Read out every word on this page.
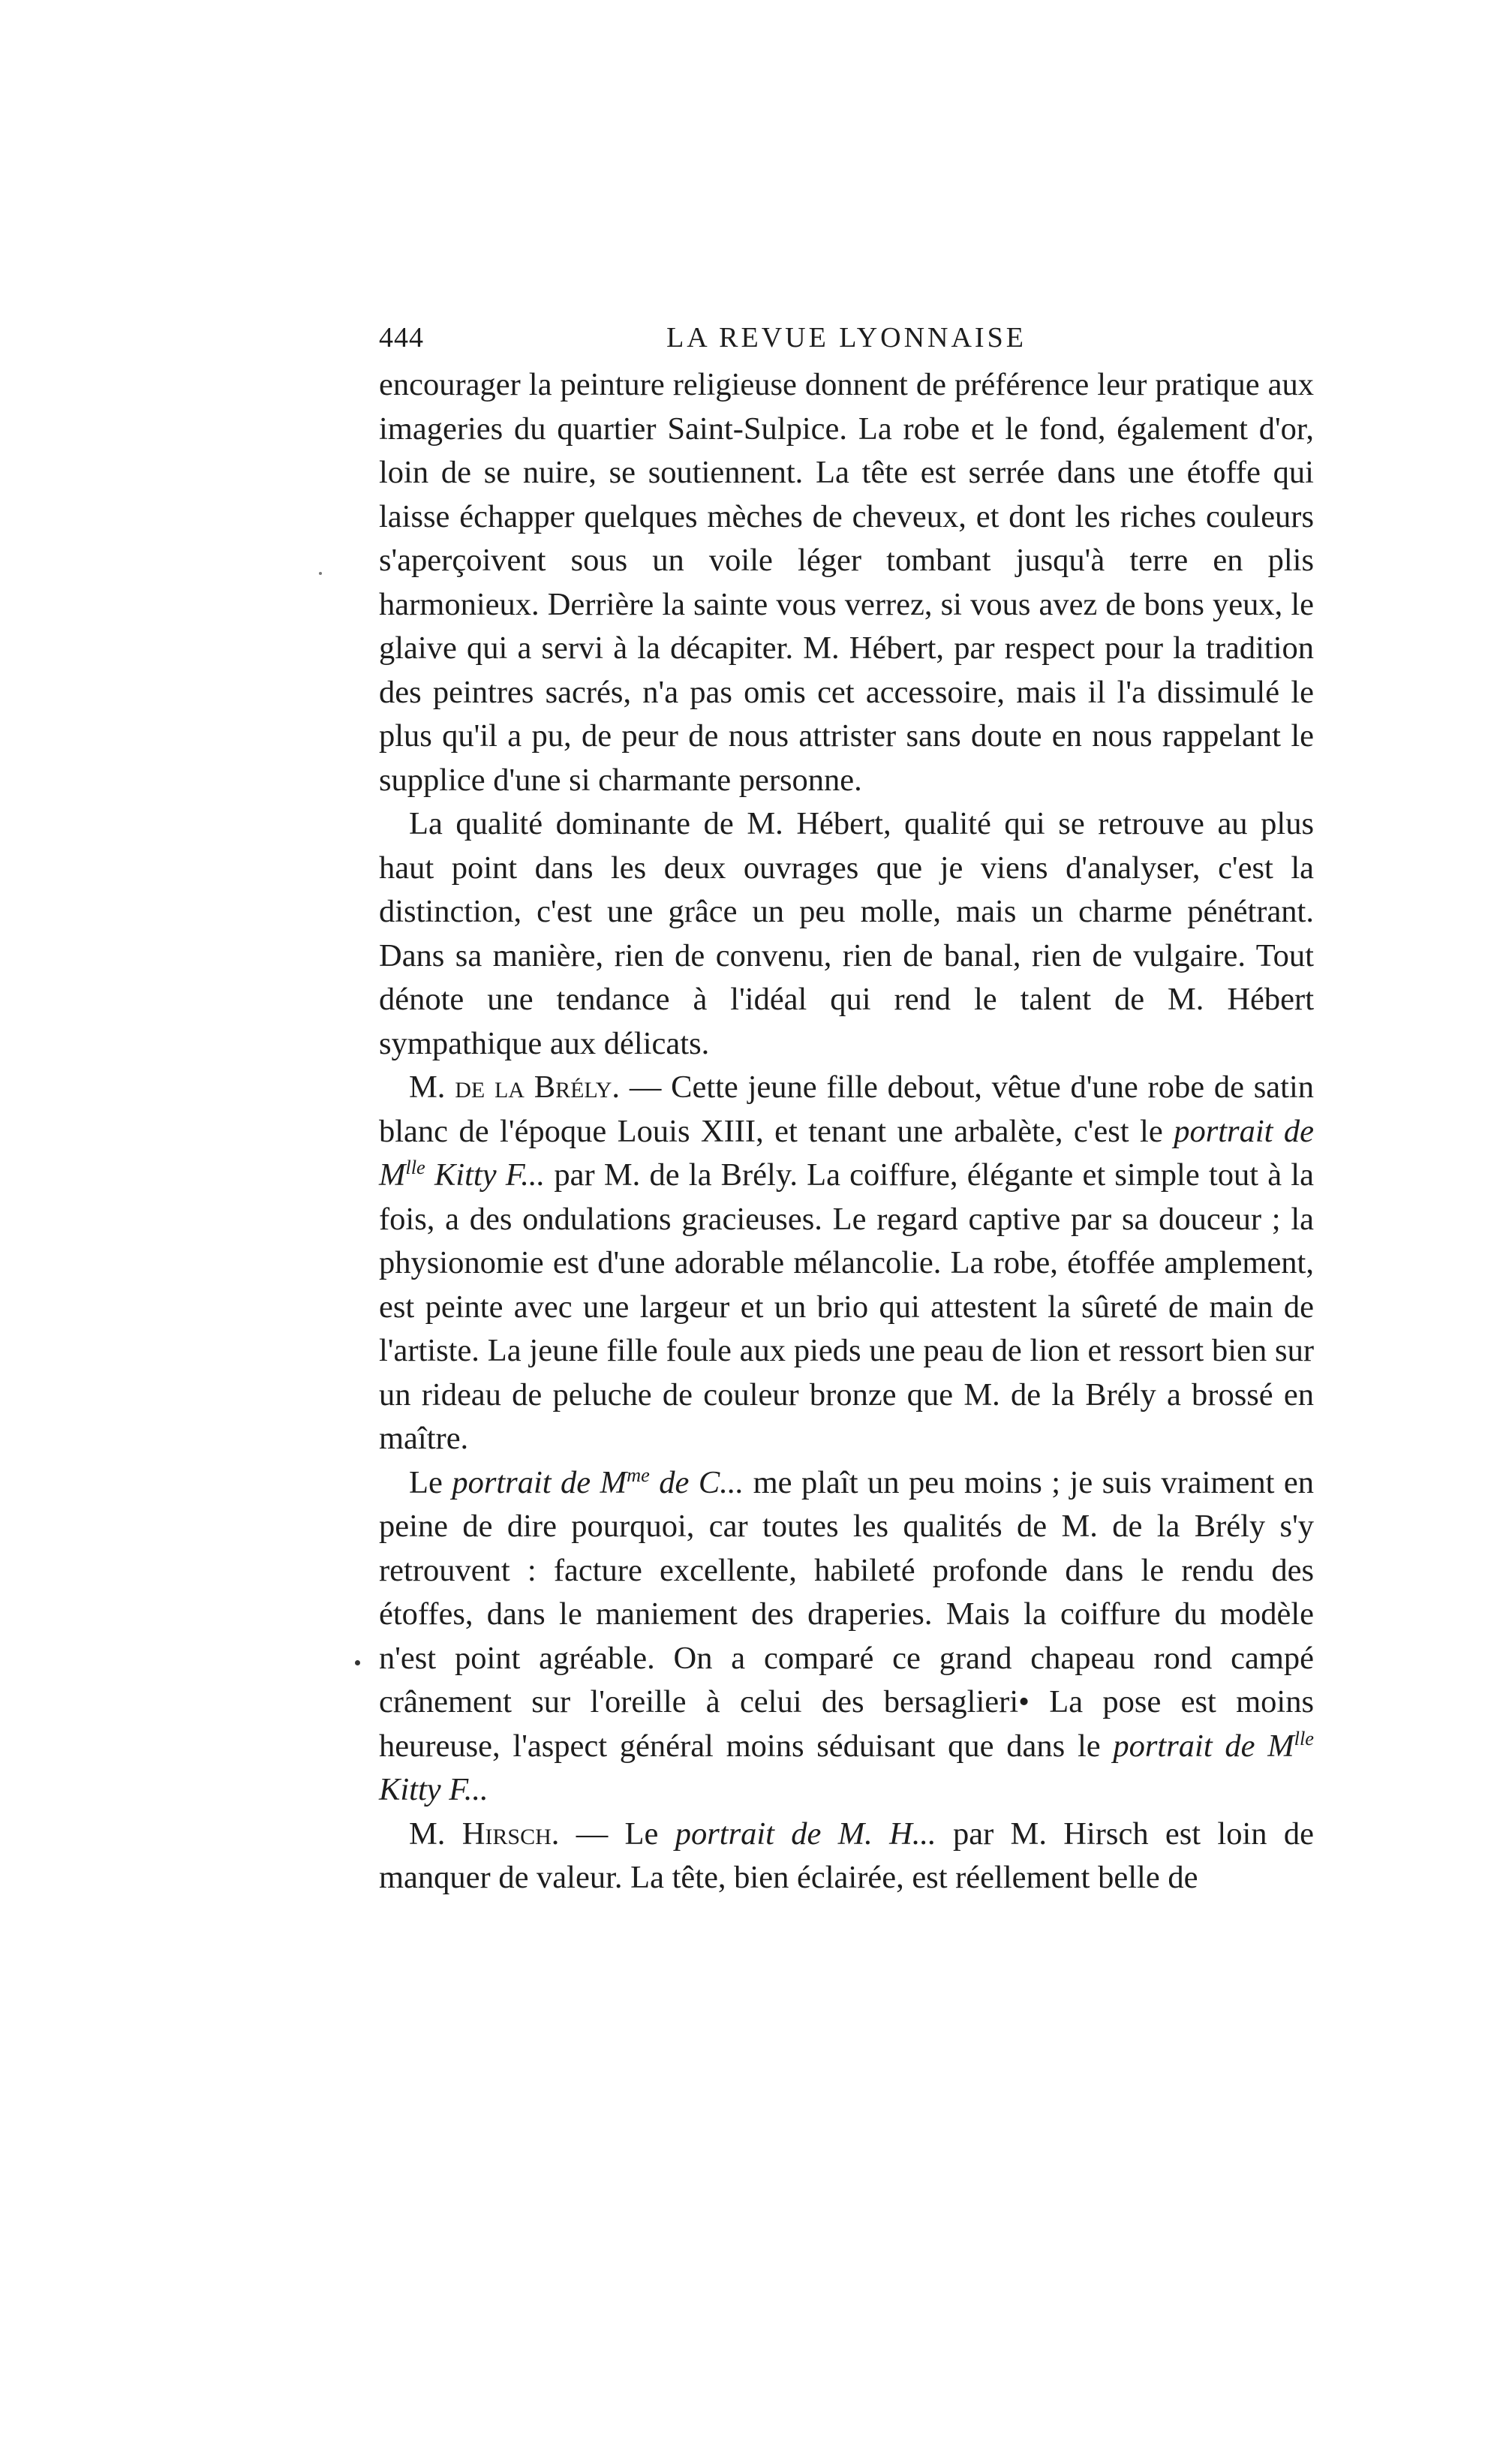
444	LA REVUE LYONNAISE

encourager la peinture religieuse donnent de préférence leur pratique aux imageries du quartier Saint-Sulpice. La robe et le fond, également d'or, loin de se nuire, se soutiennent. La tête est serrée dans une étoffe qui laisse échapper quelques mèches de cheveux, et dont les riches couleurs s'aperçoivent sous un voile léger tombant jusqu'à terre en plis harmonieux. Derrière la sainte vous verrez, si vous avez de bons yeux, le glaive qui a servi à la décapiter. M. Hébert, par respect pour la tradition des peintres sacrés, n'a pas omis cet accessoire, mais il l'a dissimulé le plus qu'il a pu, de peur de nous attrister sans doute en nous rappelant le supplice d'une si charmante personne.

La qualité dominante de M. Hébert, qualité qui se retrouve au plus haut point dans les deux ouvrages que je viens d'analyser, c'est la distinction, c'est une grâce un peu molle, mais un charme pénétrant. Dans sa manière, rien de convenu, rien de banal, rien de vulgaire. Tout dénote une tendance à l'idéal qui rend le talent de M. Hébert sympathique aux délicats.

M. de la Brély. — Cette jeune fille debout, vêtue d'une robe de satin blanc de l'époque Louis XIII, et tenant une arbalète, c'est le portrait de $M^{lle}$ Kitty F... par M. de la Brély. La coiffure, élégante et simple tout à la fois, a des ondulations gracieuses. Le regard captive par sa douceur ; la physionomie est d'une adorable mélancolie. La robe, étoffée amplement, est peinte avec une largeur et un brio qui attestent la sûreté de main de l'artiste. La jeune fille foule aux pieds une peau de lion et ressort bien sur un rideau de peluche de couleur bronze que M. de la Brély a brossé en maître.

Le portrait de $M^{me}$ de C... me plaît un peu moins ; je suis vraiment en peine de dire pourquoi, car toutes les qualités de M. de la Brély s'y retrouvent : facture excellente, habileté profonde dans le rendu des étoffes, dans le maniement des draperies. Mais la coiffure du modèle n'est point agréable. On a comparé ce grand chapeau rond campé crânement sur l'oreille à celui des bersaglieri• La pose est moins heureuse, l'aspect général moins séduisant que dans le portrait de $M^{lle}$ Kitty F...

M. Hirsch. — Le portrait de M. H... par M. Hirsch est loin de manquer de valeur. La tête, bien éclairée, est réellement belle de
